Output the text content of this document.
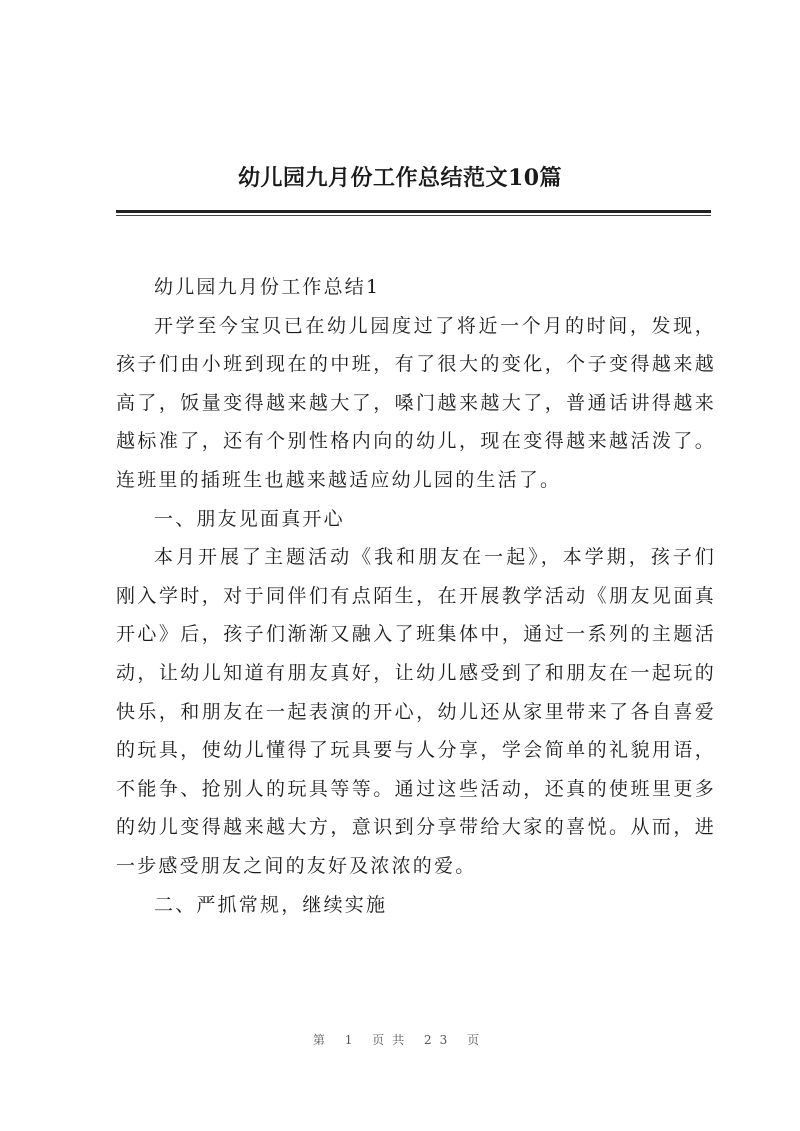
幼儿园九月份工作总结范文10篇

幼儿园九月份工作总结1

开学至今宝贝已在幼儿园度过了将近一个月的时间，发现，孩子们由小班到现在的中班，有了很大的变化，个子变得越来越高了，饭量变得越来越大了，嗓门越来越大了，普通话讲得越来越标准了，还有个别性格内向的幼儿，现在变得越来越活泼了。连班里的插班生也越来越适应幼儿园的生活了。

一、朋友见面真开心

本月开展了主题活动《我和朋友在一起》，本学期，孩子们刚入学时，对于同伴们有点陌生，在开展教学活动《朋友见面真开心》后，孩子们渐渐又融入了班集体中，通过一系列的主题活动，让幼儿知道有朋友真好，让幼儿感受到了和朋友在一起玩的快乐，和朋友在一起表演的开心，幼儿还从家里带来了各自喜爱的玩具，使幼儿懂得了玩具要与人分享，学会简单的礼貌用语，不能争、抢别人的玩具等等。通过这些活动，还真的使班里更多的幼儿变得越来越大方，意识到分享带给大家的喜悦。从而，进一步感受朋友之间的友好及浓浓的爱。

二、严抓常规，继续实施

第 1 页共 23 页
